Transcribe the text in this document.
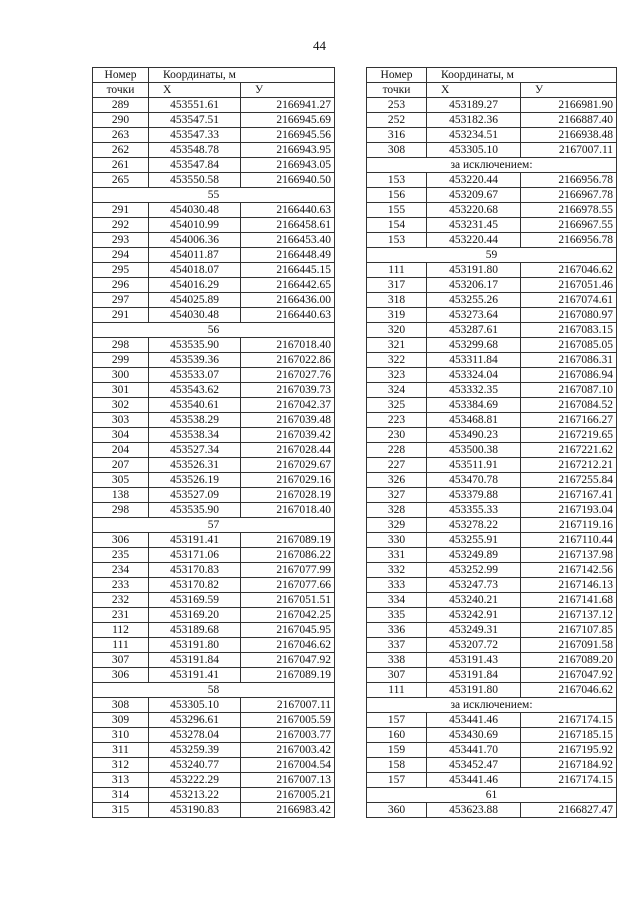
44
Номер	Координаты, м	
точки	X	У
289	453551.61	2166941.27
290	453547.51	2166945.69
263	453547.33	2166945.56
262	453548.78	2166943.95
261	453547.84	2166943.05
265	453550.58	2166940.50
55		
291	454030.48	2166440.63
292	454010.99	2166458.61
293	454006.36	2166453.40
294	454011.87	2166448.49
295	454018.07	2166445.15
296	454016.29	2166442.65
297	454025.89	2166436.00
291	454030.48	2166440.63
56		
298	453535.90	2167018.40
299	453539.36	2167022.86
300	453533.07	2167027.76
301	453543.62	2167039.73
302	453540.61	2167042.37
303	453538.29	2167039.48
304	453538.34	2167039.42
204	453527.34	2167028.44
207	453526.31	2167029.67
305	453526.19	2167029.16
138	453527.09	2167028.19
298	453535.90	2167018.40
57		
306	453191.41	2167089.19
235	453171.06	2167086.22
234	453170.83	2167077.99
233	453170.82	2167077.66
232	453169.59	2167051.51
231	453169.20	2167042.25
112	453189.68	2167045.95
111	453191.80	2167046.62
307	453191.84	2167047.92
306	453191.41	2167089.19
58		
308	453305.10	2167007.11
309	453296.61	2167005.59
310	453278.04	2167003.77
311	453259.39	2167003.42
312	453240.77	2167004.54
313	453222.29	2167007.13
314	453213.22	2167005.21
315	453190.83	2166983.42
Номер	Координаты, м	
точки	X	У
253	453189.27	2166981.90
252	453182.36	2166887.40
316	453234.51	2166938.48
308	453305.10	2167007.11
за исключением:		
153	453220.44	2166956.78
156	453209.67	2166967.78
155	453220.68	2166978.55
154	453231.45	2166967.55
153	453220.44	2166956.78
59		
111	453191.80	2167046.62
317	453206.17	2167051.46
318	453255.26	2167074.61
319	453273.64	2167080.97
320	453287.61	2167083.15
321	453299.68	2167085.05
322	453311.84	2167086.31
323	453324.04	2167086.94
324	453332.35	2167087.10
325	453384.69	2167084.52
223	453468.81	2167166.27
230	453490.23	2167219.65
228	453500.38	2167221.62
227	453511.91	2167212.21
326	453470.78	2167255.84
327	453379.88	2167167.41
328	453355.33	2167193.04
329	453278.22	2167119.16
330	453255.91	2167110.44
331	453249.89	2167137.98
332	453252.99	2167142.56
333	453247.73	2167146.13
334	453240.21	2167141.68
335	453242.91	2167137.12
336	453249.31	2167107.85
337	453207.72	2167091.58
338	453191.43	2167089.20
307	453191.84	2167047.92
111	453191.80	2167046.62
за исключением:		
157	453441.46	2167174.15
160	453430.69	2167185.15
159	453441.70	2167195.92
158	453452.47	2167184.92
157	453441.46	2167174.15
61		
360	453623.88	2166827.47
